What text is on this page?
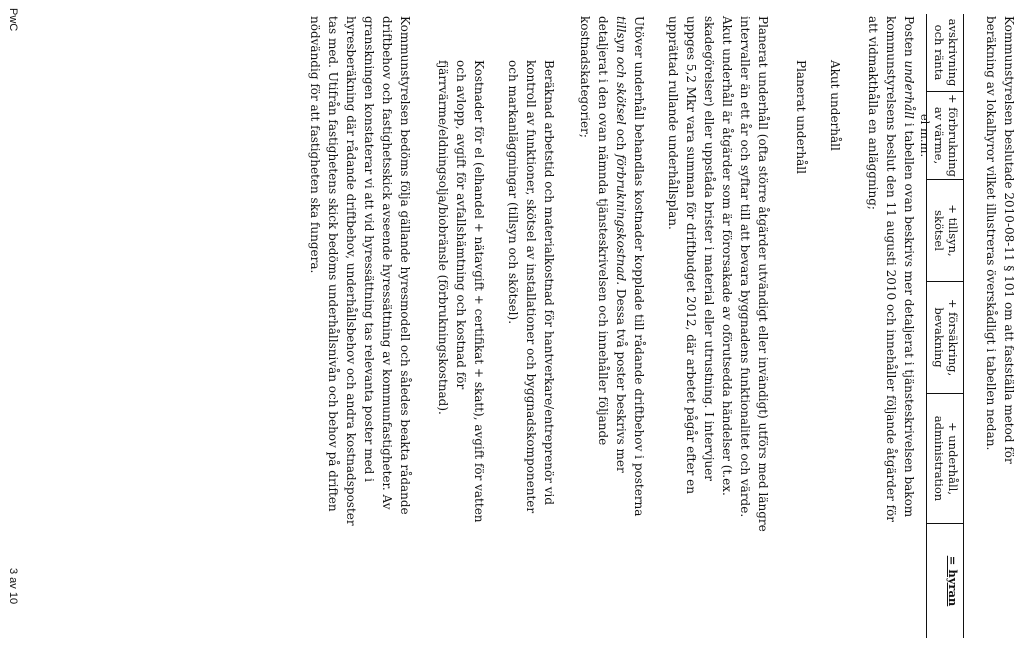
Kommunstyrelsen beslutade 2010-08-11 § 101 om att fastställa metod för
beräkning av lokalhyror vilket illustreras överskådligt i tabellen nedan.
avskrivning
och ränta
+ förbrukning
av värme,
el m.m.
+ tillsyn,
skötsel
+ försäkring,
bevakning
+ underhåll,
administration
= hyran
Posten underhåll i tabellen ovan beskrivs mer detaljerat i tjänsteskrivelsen bakom
kommunstyrelsens beslut den 11 augusti 2010 och innehåller följande åtgärder för
att vidmakthålla en anläggning;
Akut underhåll
Planerat underhåll
Planerat underhåll (ofta större åtgärder utvändigt eller invändigt) utförs med längre
intervaller än ett år och syftar till att bevara byggnadens funktionalitet och värde.
Akut underhåll är åtgärder som är förorsakade av oförutsedda händelser (t.ex.
skadegörelser) eller uppståda brister i material eller utrustning. I intervjuer
uppges 5,2 Mkr vara summan för driftbudget 2012, där arbetet pågår efter en
upprättad rullande underhållsplan.
Utöver underhåll behandlas kostnader kopplade till rådande driftbehov i posterna
tillsyn och skötsel och förbrukningskostnad. Dessa två poster beskrivs mer
detaljerat i den ovan nämnda tjänsteskrivelsen och innehåller följande
kostnadskategorier;
Beräknad arbetstid och materialkostnad för hantverkare/entreprenör vid
kontroll av funktioner, skötsel av installationer och byggnadskomponenter
och markanläggningar (tillsyn och skötsel).
Kostnader för el (elhandel + nätavgift + certifikat + skatt), avgift för vatten
och avlopp, avgift för avfallshämtning och kostnad för
fjärrvärme/eldningsolja/biobränsle (förbrukningskostnad).
Kommunstyrelsen bedöms följa gällande hyresmodell och således beakta rådande
driftbehov och fastighetsskick avseende hyressättning av kommunfastigheter. Av
granskningen konstaterar vi att vid hyressättning tas relevanta poster med i
hyresberäkning där rådande driftbehov, underhållsbehov och andra kostnadsposter
tas med. Utifrån fastighetens skick bedöms underhållsnivån och behov på driften
nödvändig för att fastigheten ska fungera.
PwC
3 av 10
